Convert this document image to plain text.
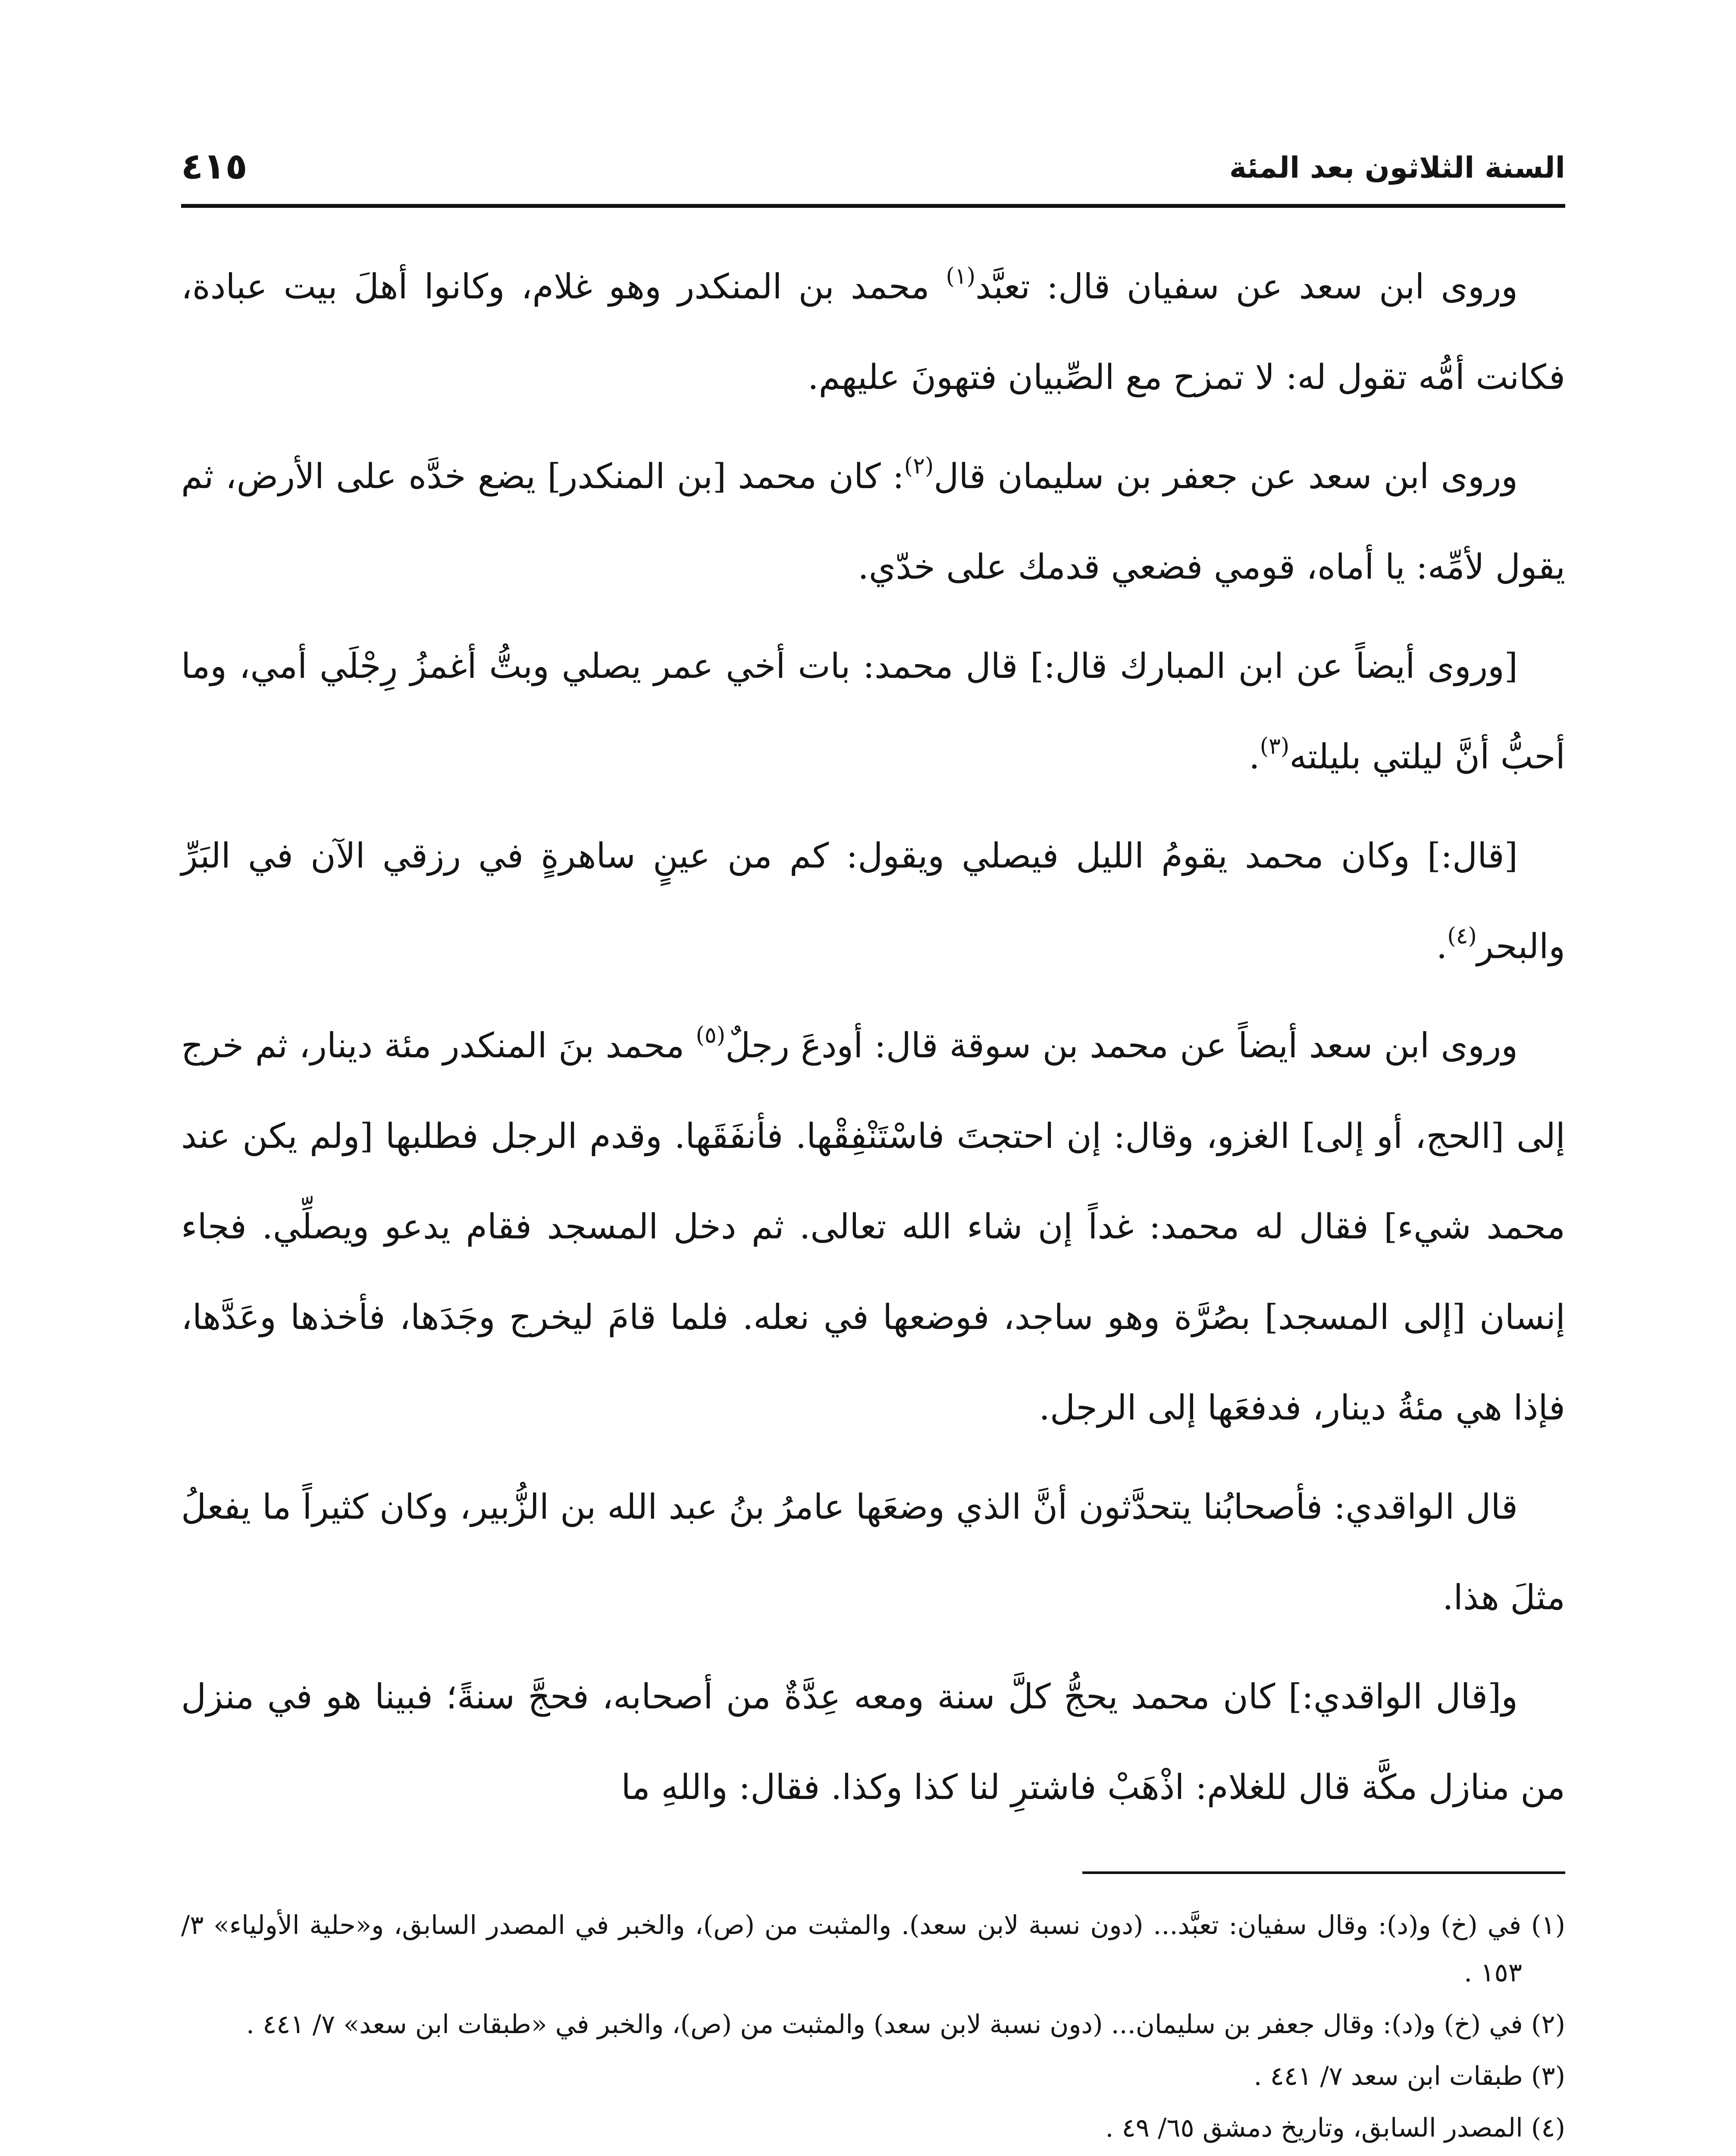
السنة الثلاثون بعد المئة
٤١٥

وروى ابن سعد عن سفيان قال: تعبَّد$^{(١)}$ محمد بن المنكدر وهو غلام، وكانوا أهلَ بيت عبادة، فكانت أمُّه تقول له: لا تمزح مع الصِّبيان فتهونَ عليهم.

وروى ابن سعد عن جعفر بن سليمان قال$^{(٢)}$: كان محمد [بن المنكدر] يضع خدَّه على الأرض، ثم يقول لأمِّه: يا أماه، قومي فضعي قدمك على خدّي.

[وروى أيضاً عن ابن المبارك قال:] قال محمد: بات أخي عمر يصلي وبتُّ أغمزُ رِجْلَي أمي، وما أحبُّ أنَّ ليلتي بليلته$^{(٣)}$.

[قال:] وكان محمد يقومُ الليل فيصلي ويقول: كم من عينٍ ساهرةٍ في رزقي الآن في البَرِّ والبحر$^{(٤)}$.

وروى ابن سعد أيضاً عن محمد بن سوقة قال: أودعَ رجلٌ$^{(٥)}$ محمد بنَ المنكدر مئة دينار، ثم خرج إلى [الحج، أو إلى] الغزو، وقال: إن احتجتَ فاسْتَنْفِقْها. فأنفَقَها. وقدم الرجل فطلبها [ولم يكن عند محمد شيء] فقال له محمد: غداً إن شاء الله تعالى. ثم دخل المسجد فقام يدعو ويصلِّي. فجاء إنسان [إلى المسجد] بصُرَّة وهو ساجد، فوضعها في نعله. فلما قامَ ليخرج وجَدَها، فأخذها وعَدَّها، فإذا هي مئةُ دينار، فدفعَها إلى الرجل.

قال الواقدي: فأصحابُنا يتحدَّثون أنَّ الذي وضعَها عامرُ بنُ عبد الله بن الزُّبير، وكان كثيراً ما يفعلُ مثلَ هذا.

و[قال الواقدي:] كان محمد يحجُّ كلَّ سنة ومعه عِدَّةٌ من أصحابه، فحجَّ سنةً؛ فبينا هو في منزل من منازل مكَّة قال للغلام: اذْهَبْ فاشترِ لنا كذا وكذا. فقال: واللهِ ما

(١) في (خ) و(د): وقال سفيان: تعبَّد... (دون نسبة لابن سعد). والمثبت من (ص)، والخبر في المصدر السابق، و«حلية الأولياء» ٣/ ١٥٣ .
(٢) في (خ) و(د): وقال جعفر بن سليمان... (دون نسبة لابن سعد) والمثبت من (ص)، والخبر في «طبقات ابن سعد» ٧/ ٤٤١ .
(٣) طبقات ابن سعد ٧/ ٤٤١ .
(٤) المصدر السابق، وتاريخ دمشق ٦٥/ ٤٩ .
